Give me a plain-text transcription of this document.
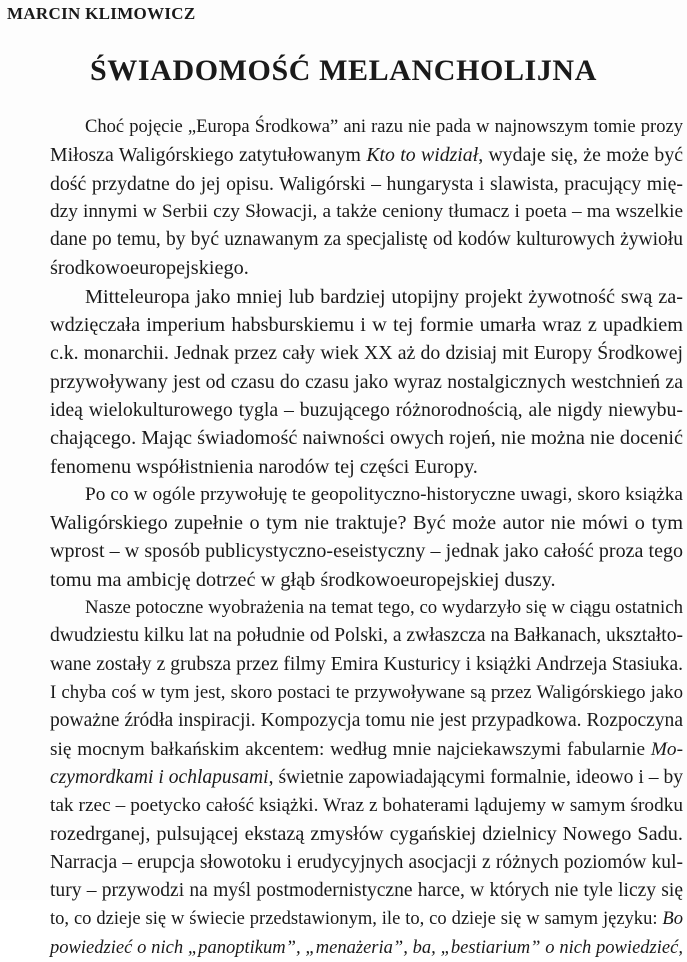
MARCIN KLIMOWICZ
ŚWIADOMOŚĆ MELANCHOLIJNA
Choć pojęcie „Europa Środkowa” ani razu nie pada w najnowszym tomie prozy
Miłosza Waligórskiego zatytułowanym Kto to widział, wydaje się, że może być
dość przydatne do jej opisu. Waligórski – hungarysta i slawista, pracujący mię-
dzy innymi w Serbii czy Słowacji, a także ceniony tłumacz i poeta – ma wszelkie
dane po temu, by być uznawanym za specjalistę od kodów kulturowych żywiołu
środkowoeuropejskiego.
Mitteleuropa jako mniej lub bardziej utopijny projekt żywotność swą za-
wdzięczała imperium habsburskiemu i w tej formie umarła wraz z upadkiem
c.k. monarchii. Jednak przez cały wiek XX aż do dzisiaj mit Europy Środkowej
przywoływany jest od czasu do czasu jako wyraz nostalgicznych westchnień za
ideą wielokulturowego tygla – buzującego różnorodnością, ale nigdy niewybu-
chającego. Mając świadomość naiwności owych rojeń, nie można nie docenić
fenomenu współistnienia narodów tej części Europy.
Po co w ogóle przywołuję te geopolityczno-historyczne uwagi, skoro książka
Waligórskiego zupełnie o tym nie traktuje? Być może autor nie mówi o tym
wprost – w sposób publicystyczno-eseistyczny – jednak jako całość proza tego
tomu ma ambicję dotrzeć w głąb środkowoeuropejskiej duszy.
Nasze potoczne wyobrażenia na temat tego, co wydarzyło się w ciągu ostatnich
dwudziestu kilku lat na południe od Polski, a zwłaszcza na Bałkanach, ukształto-
wane zostały z grubsza przez filmy Emira Kusturicy i książki Andrzeja Stasiuka.
I chyba coś w tym jest, skoro postaci te przywoływane są przez Waligórskiego jako
poważne źródła inspiracji. Kompozycja tomu nie jest przypadkowa. Rozpoczyna
się mocnym bałkańskim akcentem: według mnie najciekawszymi fabularnie Mo-
czymordkami i ochlapusami, świetnie zapowiadającymi formalnie, ideowo i – by
tak rzec – poetycko całość książki. Wraz z bohaterami lądujemy w samym środku
rozedrganej, pulsującej ekstazą zmysłów cygańskiej dzielnicy Nowego Sadu.
Narracja – erupcja słowotoku i erudycyjnych asocjacji z różnych poziomów kul-
tury – przywodzi na myśl postmodernistyczne harce, w których nie tyle liczy się
to, co dzieje się w świecie przedstawionym, ile to, co dzieje się w samym języku: Bo
powiedzieć o nich „panoptikum”, „menażeria”, ba, „bestiarium” o nich powiedzieć,
